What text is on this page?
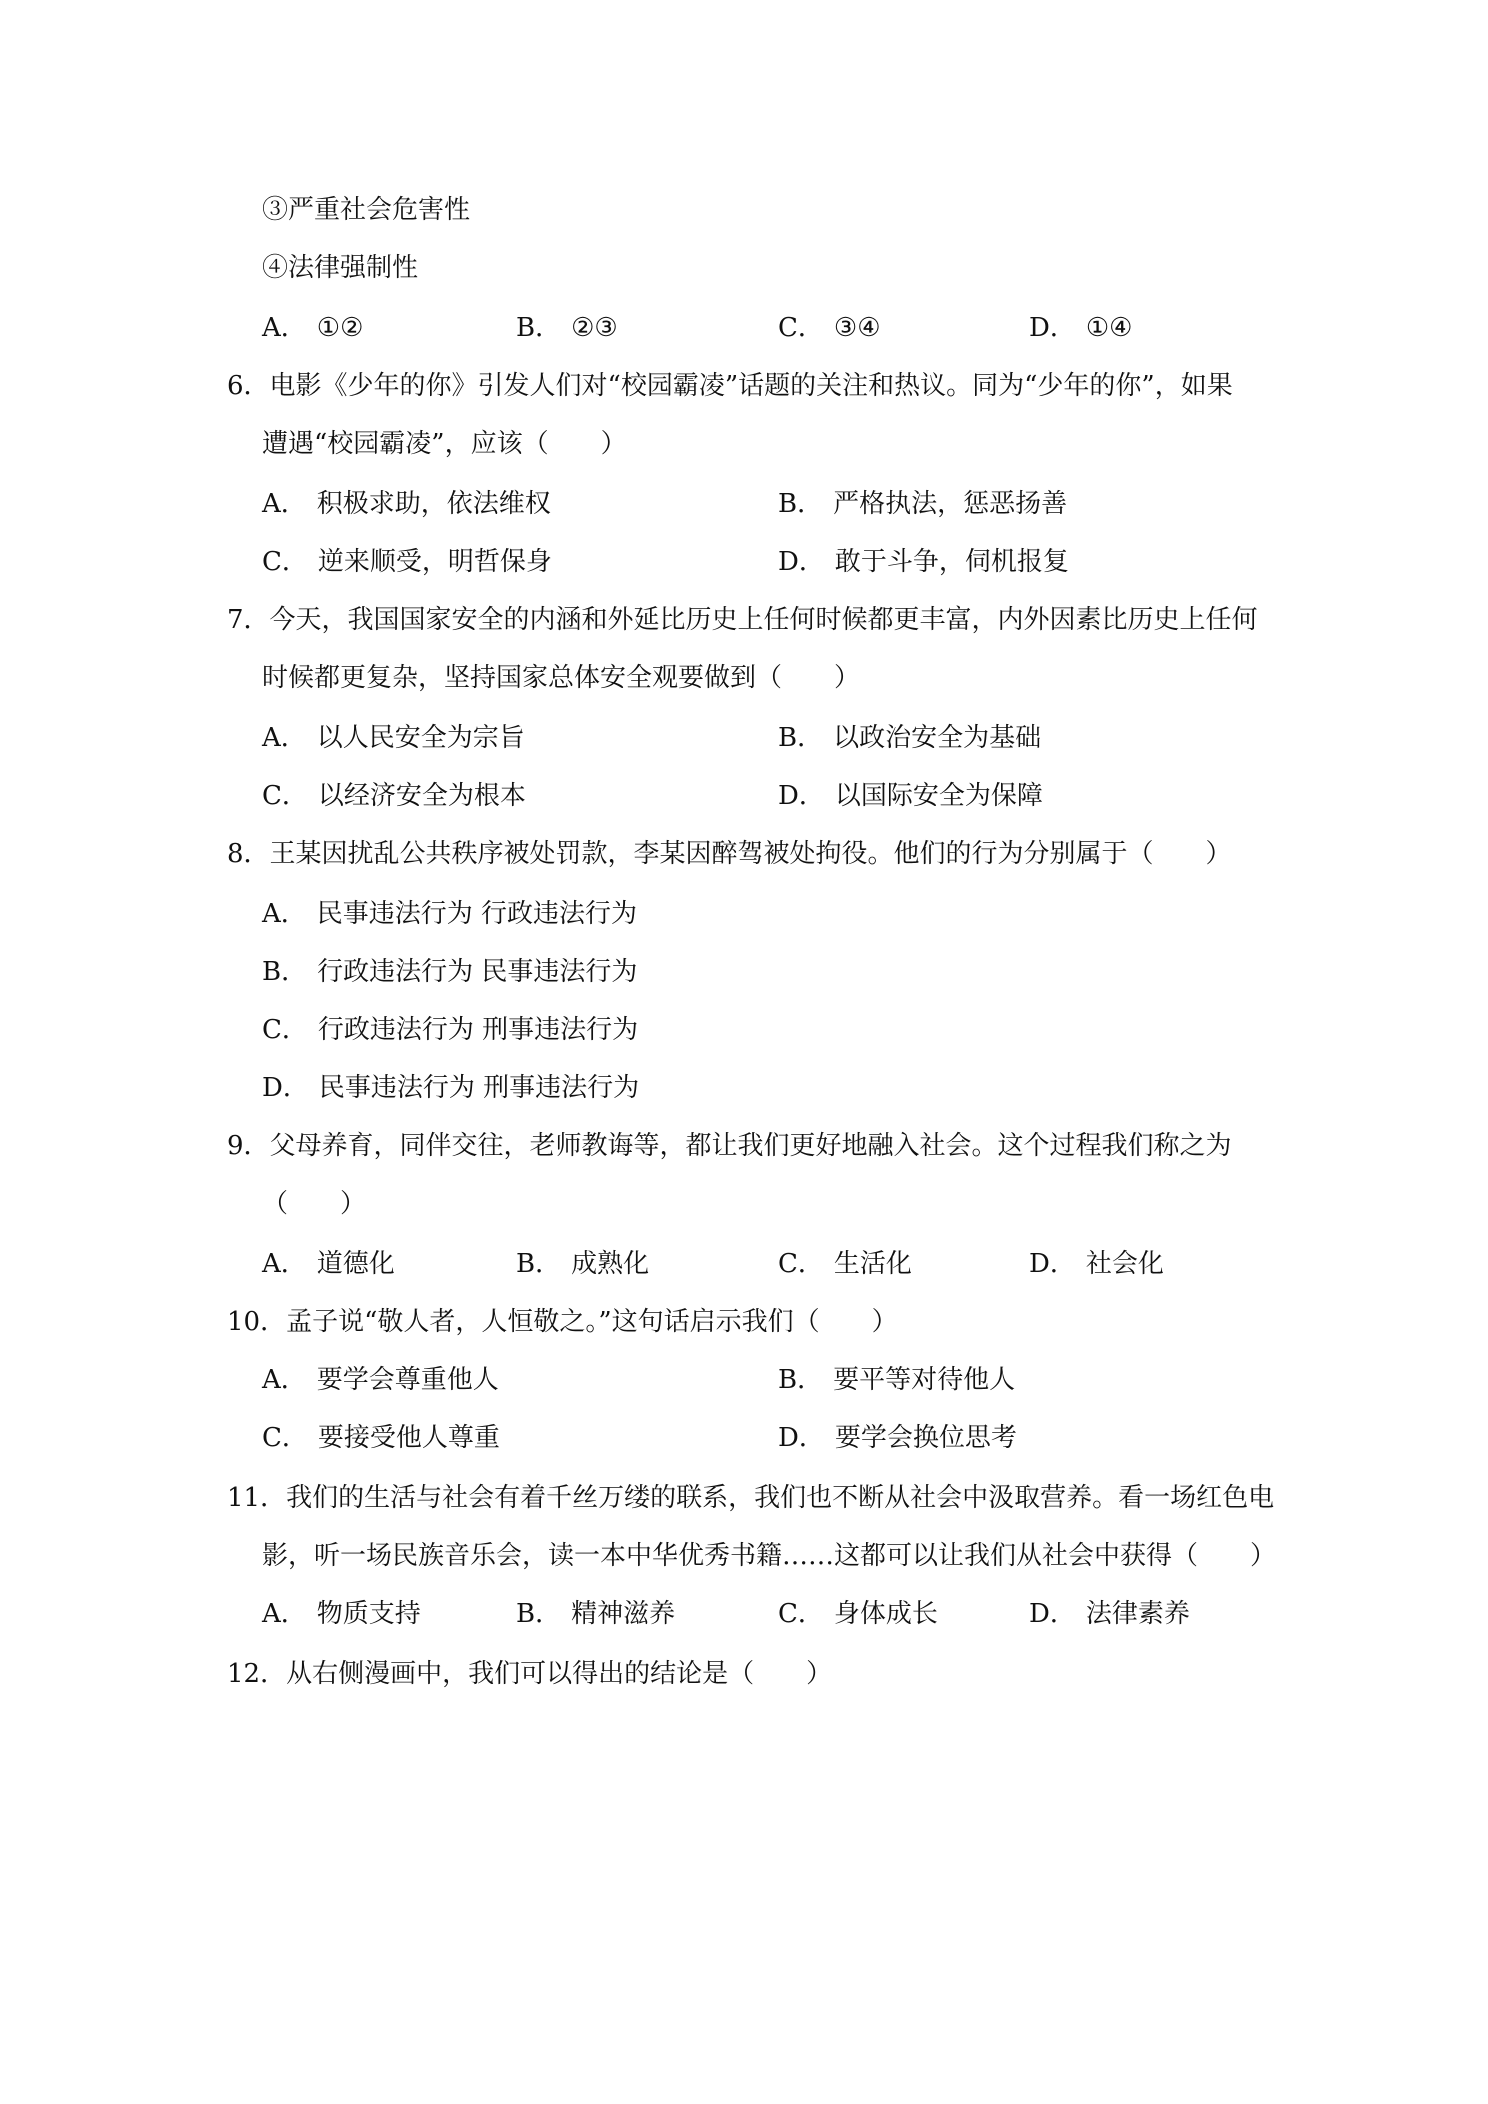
③严重社会危害性
④法律强制性
A． ①②	B． ②③	C． ③④	D． ①④
6．电影《少年的你》引发人们对“校园霸凌”话题的关注和热议。同为“少年的你”，如果
遭遇“校园霸凌”，应该（　　）
A． 积极求助，依法维权	B． 严格执法，惩恶扬善
C． 逆来顺受，明哲保身	D． 敢于斗争，伺机报复
7．今天，我国国家安全的内涵和外延比历史上任何时候都更丰富，内外因素比历史上任何
时候都更复杂，坚持国家总体安全观要做到（　　）
A． 以人民安全为宗旨	B． 以政治安全为基础
C． 以经济安全为根本	D． 以国际安全为保障
8．王某因扰乱公共秩序被处罚款，李某因醉驾被处拘役。他们的行为分别属于（　　）
A． 民事违法行为 行政违法行为
B． 行政违法行为 民事违法行为
C． 行政违法行为 刑事违法行为
D． 民事违法行为 刑事违法行为
9．父母养育，同伴交往，老师教诲等，都让我们更好地融入社会。这个过程我们称之为
（　　）
A． 道德化	B． 成熟化	C． 生活化	D． 社会化
10．孟子说“敬人者，人恒敬之。”这句话启示我们（　　）
A． 要学会尊重他人	B． 要平等对待他人
C． 要接受他人尊重	D． 要学会换位思考
11．我们的生活与社会有着千丝万缕的联系，我们也不断从社会中汲取营养。看一场红色电
影，听一场民族音乐会，读一本中华优秀书籍……这都可以让我们从社会中获得（　　）
A． 物质支持	B． 精神滋养	C． 身体成长	D． 法律素养
12．从右侧漫画中，我们可以得出的结论是（　　）
